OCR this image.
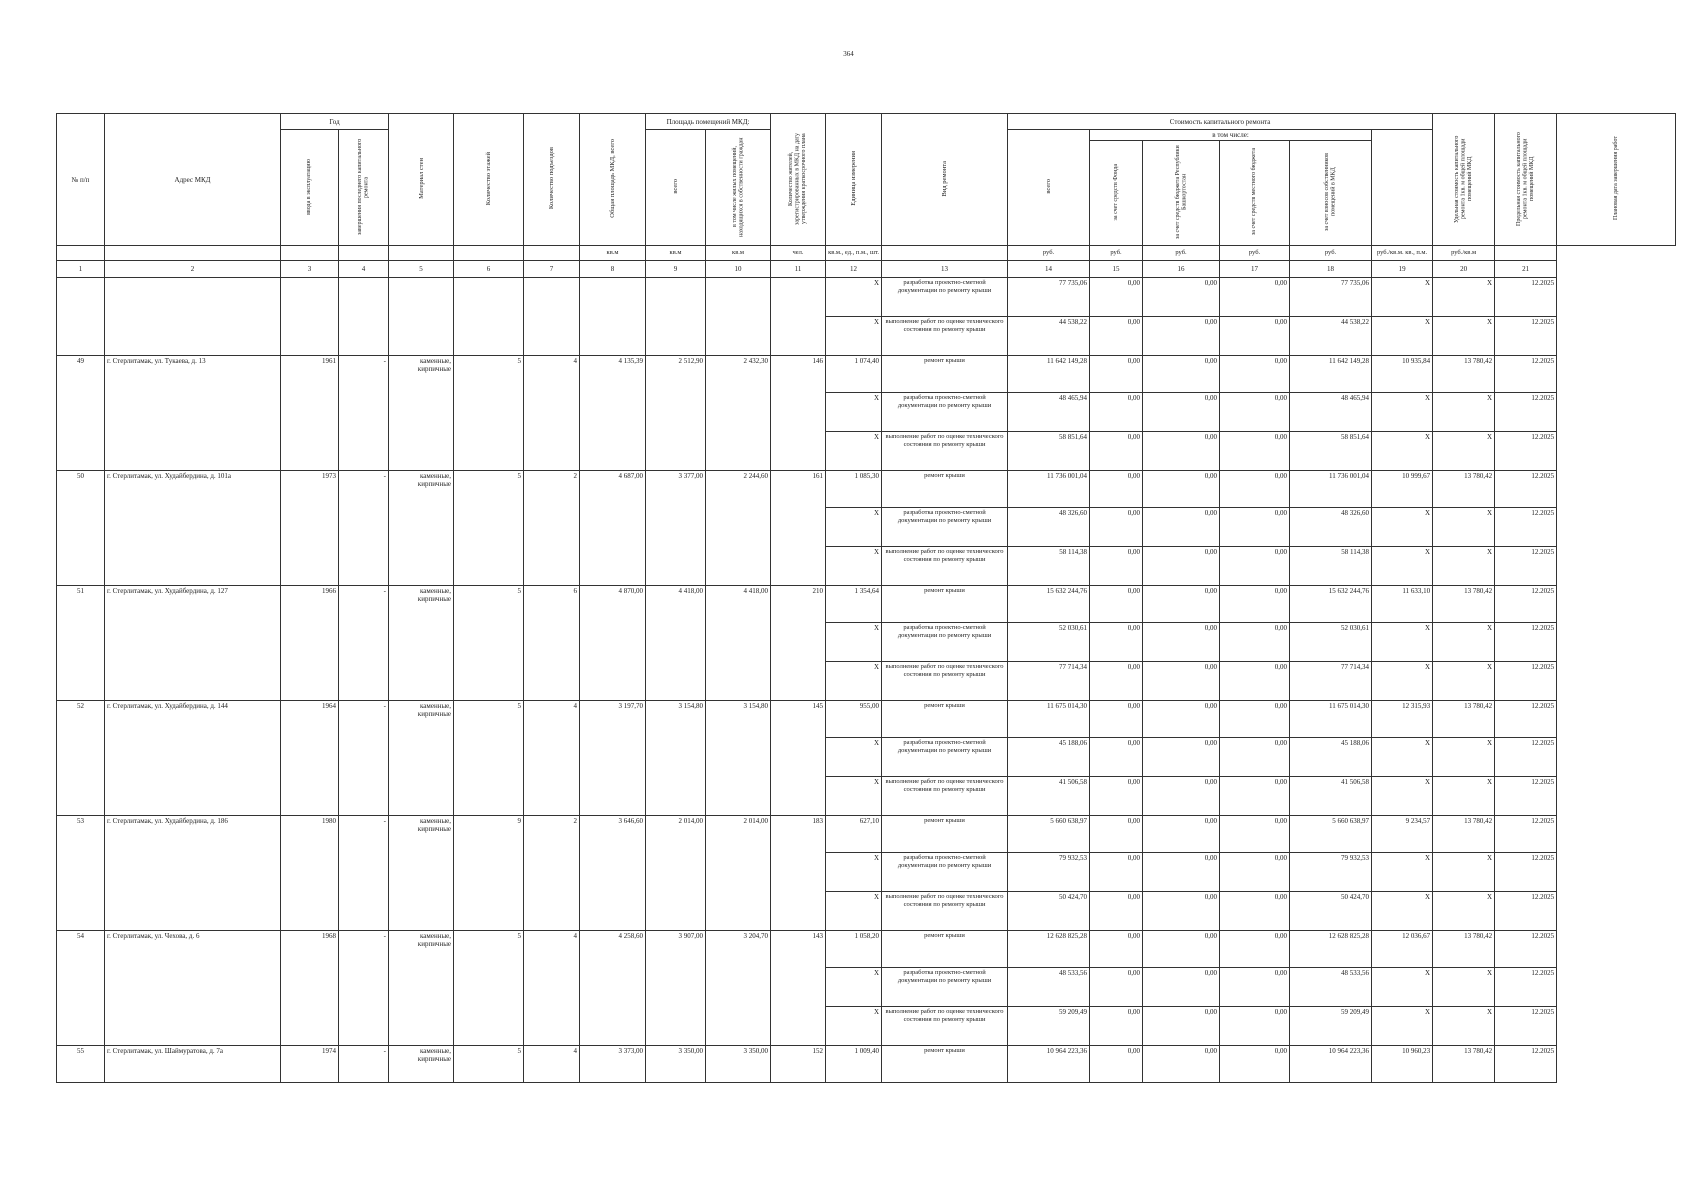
364
№ п/п	Адрес МКД	Год		Материал стен	Количество этажей	Количество подъездов	Общая площадь МКД, всего	Площадь помещений МКД:		Количество жителей, зарегистрированных в МКД на дату утверждения краткосрочного плана	Единица измерения	Вид ремонта	Стоимость капитального ремонта						Удельная стоимость капитального ремонта 1кв. м общей площади помещений МКД	Предельная стоимость капитального ремонта 1кв. м общей площади помещений МКД	Плановая дата завершения работ
		ввода в эксплуатацию	завершения последнего капитального ремонта					всего	в том числе жилых помещений, находящихся в собственности граждан				всего	в том числе:							
														за счет средств Фонда	за счет средств бюджета Республики Башкортостан	за счет средств местного бюджета	за счет взносов собственников помещений в МКД				
							кв.м	кв.м	кв.м	чел.	кв.м., ед., п.м., шт.		руб.	руб.	руб.	руб.	руб.	руб./кв.м. кв., п.м.	руб./кв.м		
1	2	3	4	5	6	7	8	9	10	11	12	13	14	15	16	17	18	19	20	21	
											X	разработка проектно-сметной документации по ремонту крыши	77 735,06	0,00	0,00	0,00	77 735,06	X	X	12.2025	
											X	выполнение работ по оценке технического состояния по ремонту крыши	44 538,22	0,00	0,00	0,00	44 538,22	X	X	12.2025	
49	г. Стерлитамак, ул. Тукаева, д. 13	1961	-	каменные, кирпичные	5	4	4 135,39	2 512,90	2 432,30	146	1 074,40	ремонт крыши	11 642 149,28	0,00	0,00	0,00	11 642 149,28	10 935,84	13 780,42	12.2025	
											X	разработка проектно-сметной документации по ремонту крыши	48 465,94	0,00	0,00	0,00	48 465,94	X	X	12.2025	
											X	выполнение работ по оценке технического состояния по ремонту крыши	58 851,64	0,00	0,00	0,00	58 851,64	X	X	12.2025	
50	г. Стерлитамак, ул. Худайбердина, д. 101а	1973	-	каменные, кирпичные	5	2	4 687,00	3 377,00	2 244,60	161	1 085,30	ремонт крыши	11 736 001,04	0,00	0,00	0,00	11 736 001,04	10 999,67	13 780,42	12.2025	
											X	разработка проектно-сметной документации по ремонту крыши	48 326,60	0,00	0,00	0,00	48 326,60	X	X	12.2025	
											X	выполнение работ по оценке технического состояния по ремонту крыши	58 114,38	0,00	0,00	0,00	58 114,38	X	X	12.2025	
51	г. Стерлитамак, ул. Худайбердина, д. 127	1966	-	каменные, кирпичные	5	6	4 870,00	4 418,00	4 418,00	210	1 354,64	ремонт крыши	15 632 244,76	0,00	0,00	0,00	15 632 244,76	11 633,10	13 780,42	12.2025	
											X	разработка проектно-сметной документации по ремонту крыши	52 030,61	0,00	0,00	0,00	52 030,61	X	X	12.2025	
											X	выполнение работ по оценке технического состояния по ремонту крыши	77 714,34	0,00	0,00	0,00	77 714,34	X	X	12.2025	
52	г. Стерлитамак, ул. Худайбердина, д. 144	1964	-	каменные, кирпичные	5	4	3 197,70	3 154,80	3 154,80	145	955,00	ремонт крыши	11 675 014,30	0,00	0,00	0,00	11 675 014,30	12 315,93	13 780,42	12.2025	
											X	разработка проектно-сметной документации по ремонту крыши	45 188,06	0,00	0,00	0,00	45 188,06	X	X	12.2025	
											X	выполнение работ по оценке технического состояния по ремонту крыши	41 506,58	0,00	0,00	0,00	41 506,58	X	X	12.2025	
53	г. Стерлитамак, ул. Худайбердина, д. 186	1980	-	каменные, кирпичные	9	2	3 646,60	2 014,00	2 014,00	183	627,10	ремонт крыши	5 660 638,97	0,00	0,00	0,00	5 660 638,97	9 234,57	13 780,42	12.2025	
											X	разработка проектно-сметной документации по ремонту крыши	79 932,53	0,00	0,00	0,00	79 932,53	X	X	12.2025	
											X	выполнение работ по оценке технического состояния по ремонту крыши	50 424,70	0,00	0,00	0,00	50 424,70	X	X	12.2025	
54	г. Стерлитамак, ул. Чехова, д. 6	1968	-	каменные, кирпичные	5	4	4 258,60	3 907,00	3 204,70	143	1 058,20	ремонт крыши	12 628 825,28	0,00	0,00	0,00	12 628 825,28	12 036,67	13 780,42	12.2025	
											X	разработка проектно-сметной документации по ремонту крыши	48 533,56	0,00	0,00	0,00	48 533,56	X	X	12.2025	
											X	выполнение работ по оценке технического состояния по ремонту крыши	59 209,49	0,00	0,00	0,00	59 209,49	X	X	12.2025	
55	г. Стерлитамак, ул. Шаймуратова, д. 7а	1974	-	каменные, кирпичные	5	4	3 373,00	3 350,00	3 350,00	152	1 009,40	ремонт крыши	10 964 223,36	0,00	0,00	0,00	10 964 223,36	10 960,23	13 780,42	12.2025	
